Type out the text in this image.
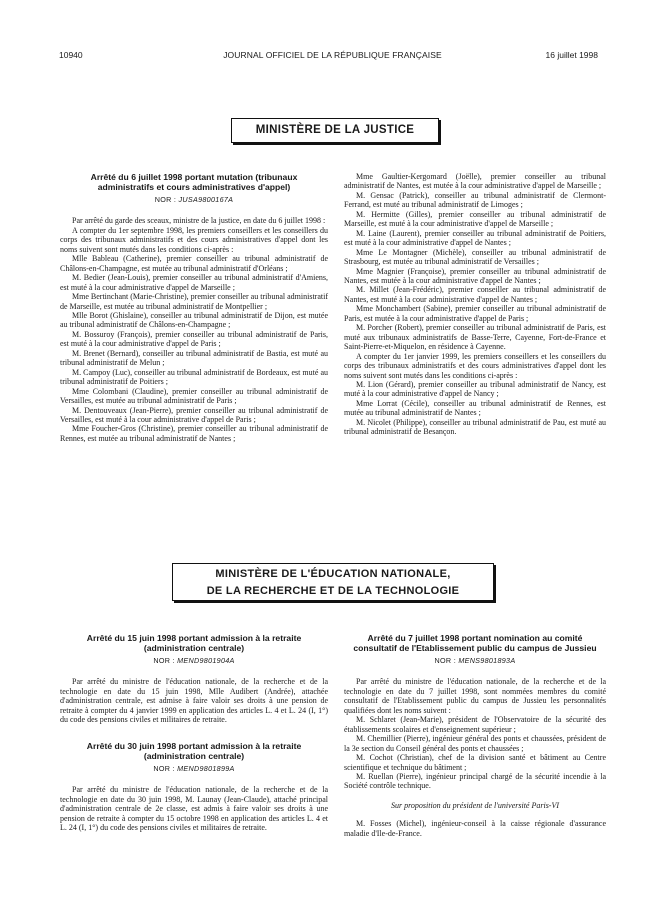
10940	JOURNAL OFFICIEL DE LA RÉPUBLIQUE FRANÇAISE	16 juillet 1998
MINISTÈRE DE LA JUSTICE
Arrêté du 6 juillet 1998 portant mutation (tribunaux administratifs et cours administratives d'appel)
NOR : JUSA9800167A

Par arrêté du garde des sceaux, ministre de la justice, en date du 6 juillet 1998 :

A compter du 1er septembre 1998, les premiers conseillers et les conseillers du corps des tribunaux administratifs et des cours administratives d'appel dont les noms suivent sont mutés dans les conditions ci-après :

Mlle Bableau (Catherine), premier conseiller au tribunal administratif de Châlons-en-Champagne, est mutée au tribunal administratif d'Orléans ;

M. Bedier (Jean-Louis), premier conseiller au tribunal administratif d'Amiens, est muté à la cour administrative d'appel de Marseille ;

Mme Bertinchant (Marie-Christine), premier conseiller au tribunal administratif de Marseille, est mutée au tribunal administratif de Montpellier ;

Mlle Borot (Ghislaine), conseiller au tribunal administratif de Dijon, est mutée au tribunal administratif de Châlons-en-Champagne ;

M. Bossuroy (François), premier conseiller au tribunal administratif de Paris, est muté à la cour administrative d'appel de Paris ;

M. Brenet (Bernard), conseiller au tribunal administratif de Bastia, est muté au tribunal administratif de Melun ;

M. Campoy (Luc), conseiller au tribunal administratif de Bordeaux, est muté au tribunal administratif de Poitiers ;

Mme Colombani (Claudine), premier conseiller au tribunal administratif de Versailles, est mutée au tribunal administratif de Paris ;

M. Dentouveaux (Jean-Pierre), premier conseiller au tribunal administratif de Versailles, est muté à la cour administrative d'appel de Paris ;

Mme Foucher-Gros (Christine), premier conseiller au tribunal administratif de Rennes, est mutée au tribunal administratif de Nantes ;

Mme Gaultier-Kergomard (Joëlle), premier conseiller au tribunal administratif de Nantes, est mutée à la cour administrative d'appel de Marseille ;

M. Gensac (Patrick), conseiller au tribunal administratif de Clermont-Ferrand, est muté au tribunal administratif de Limoges ;

M. Hermitte (Gilles), premier conseiller au tribunal administratif de Marseille, est muté à la cour administrative d'appel de Marseille ;

M. Laine (Laurent), premier conseiller au tribunal administratif de Poitiers, est muté à la cour administrative d'appel de Nantes ;

Mme Le Montagner (Michèle), conseiller au tribunal administratif de Strasbourg, est mutée au tribunal administratif de Versailles ;

Mme Magnier (Françoise), premier conseiller au tribunal administratif de Nantes, est mutée à la cour administrative d'appel de Nantes ;

M. Millet (Jean-Frédéric), premier conseiller au tribunal administratif de Nantes, est muté à la cour administrative d'appel de Nantes ;

Mme Monchambert (Sabine), premier conseiller au tribunal administratif de Paris, est mutée à la cour administrative d'appel de Paris ;

M. Porcher (Robert), premier conseiller au tribunal administratif de Paris, est muté aux tribunaux administratifs de Basse-Terre, Cayenne, Fort-de-France et Saint-Pierre-et-Miquelon, en résidence à Cayenne.

A compter du 1er janvier 1999, les premiers conseillers et les conseillers du corps des tribunaux administratifs et des cours administratives d'appel dont les noms suivent sont mutés dans les conditions ci-après :

M. Lion (Gérard), premier conseiller au tribunal administratif de Nancy, est muté à la cour administrative d'appel de Nancy ;

Mme Lorrat (Cécile), conseiller au tribunal administratif de Rennes, est mutée au tribunal administratif de Nantes ;

M. Nicolet (Philippe), conseiller au tribunal administratif de Pau, est muté au tribunal administratif de Besançon.

MINISTÈRE DE L'ÉDUCATION NATIONALE,
DE LA RECHERCHE ET DE LA TECHNOLOGIE
Arrêté du 15 juin 1998 portant admission à la retraite (administration centrale)
NOR : MEND9801904A

Par arrêté du ministre de l'éducation nationale, de la recherche et de la technologie en date du 15 juin 1998, Mlle Audibert (Andrée), attachée d'administration centrale, est admise à faire valoir ses droits à une pension de retraite à compter du 4 janvier 1999 en application des articles L. 4 et L. 24 (I, 1°) du code des pensions civiles et militaires de retraite.

Arrêté du 30 juin 1998 portant admission à la retraite (administration centrale)
NOR : MEND9801899A

Par arrêté du ministre de l'éducation nationale, de la recherche et de la technologie en date du 30 juin 1998, M. Launay (Jean-Claude), attaché principal d'administration centrale de 2e classe, est admis à faire valoir ses droits à une pension de retraite à compter du 15 octobre 1998 en application des articles L. 4 et L. 24 (I, 1°) du code des pensions civiles et militaires de retraite.

Arrêté du 7 juillet 1998 portant nomination au comité consultatif de l'Etablissement public du campus de Jussieu
NOR : MENS9801893A

Par arrêté du ministre de l'éducation nationale, de la recherche et de la technologie en date du 7 juillet 1998, sont nommées membres du comité consultatif de l'Etablissement public du campus de Jussieu les personnalités qualifiées dont les noms suivent :

M. Schlaret (Jean-Marie), président de l'Observatoire de la sécurité des établissements scolaires et d'enseignement supérieur ;

M. Chemillier (Pierre), ingénieur général des ponts et chaussées, président de la 3e section du Conseil général des ponts et chaussées ;

M. Cochot (Christian), chef de la division santé et bâtiment au Centre scientifique et technique du bâtiment ;

M. Ruellan (Pierre), ingénieur principal chargé de la sécurité incendie à la Société contrôle technique.

Sur proposition du président de l'université Paris-VI

M. Fosses (Michel), ingénieur-conseil à la caisse régionale d'assurance maladie d'Ile-de-France.
